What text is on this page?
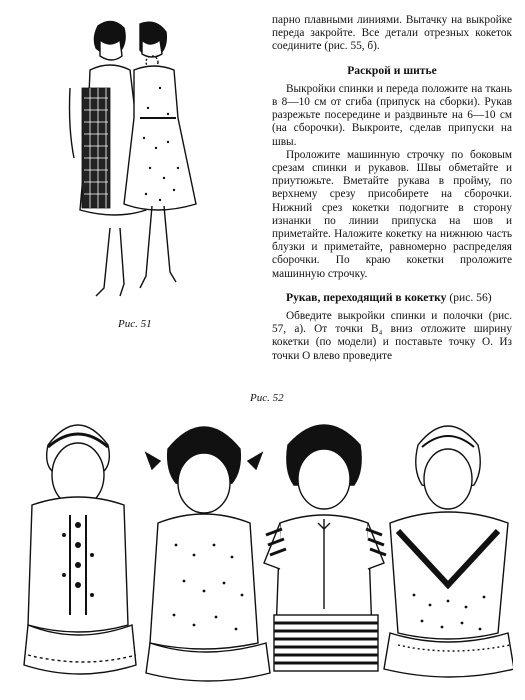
Рис. 51

парно плавными линиями. Вытачку на выкройке переда закройте. Все детали отрезных кокеток соедините (рис. 55, б).

Раскрой и шитье

Выкройки спинки и переда положите на ткань в 8—10 см от сгиба (припуск на сборки). Рукав разрежьте посередине и раздвиньте на 6—10 см (на сборочки). Выкроите, сделав припуски на швы.

Проложите машинную строчку по боковым срезам спинки и рукавов. Швы обметайте и приутюжьте. Вметайте рукава в пройму, по верхнему срезу присобирете на сборочки. Нижний срез кокетки подогните в сторону изнанки по линии припуска на шов и приметайте. Наложите кокетку на нижнюю часть блузки и приметайте, равномерно распределяя сборочки. По краю кокетки проложите машинную строчку.

Рукав, переходящий в кокетку (рис. 56)

Обведите выкройки спинки и полочки (рис. 57, а). От точки В₄ вниз отложите ширину кокетки (по модели) и поставьте точку О. Из точки О влево проведите

Рис. 52
